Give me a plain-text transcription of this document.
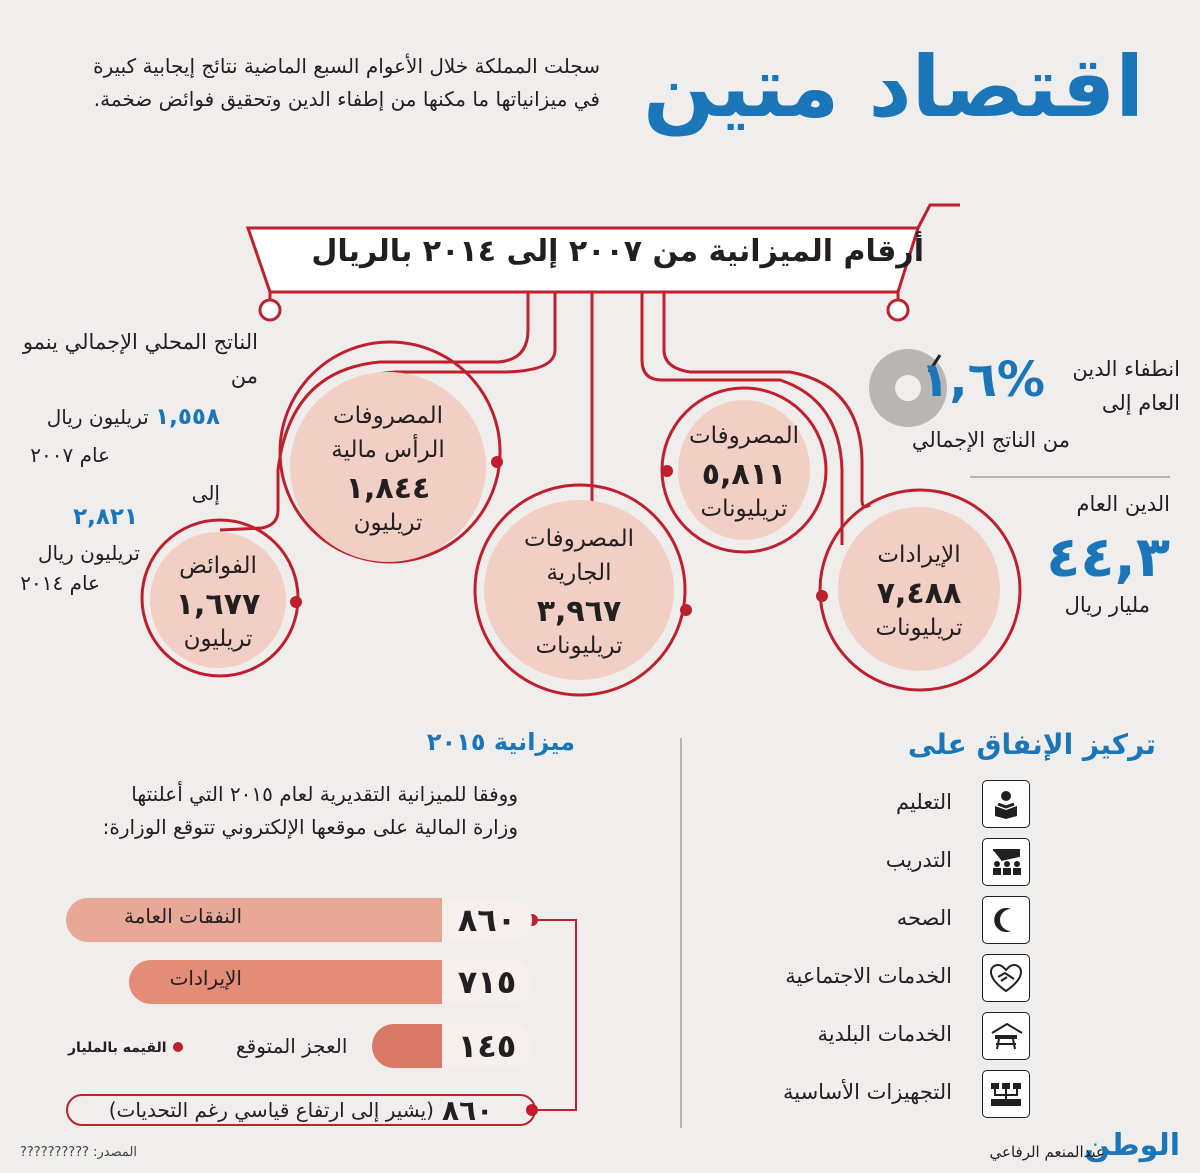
اقتصاد متين
سجلت المملكة خلال الأعوام السبع الماضية نتائج إيجابية كبيرة في ميزانياتها ما مكنها من إطفاء الدين وتحقيق فوائض ضخمة.
أرقام الميزانية من ٢٠٠٧ إلى ٢٠١٤ بالريال
الإيرادات
٧,٤٨٨
تريليونات
المصروفات
٥,٨١١
تريليونات
المصروفات الجارية
٣,٩٦٧
تريليونات
المصروفات الرأس مالية
١,٨٤٤
تريليون
الفوائض
١,٦٧٧
تريليون
الناتج المحلي الإجمالي ينمو من
١,٥٥٨ تريليون ريال
عام ٢٠٠٧
إلى
٢,٨٢١
تريليون ريال
عام ٢٠١٤
انطفاء الدين العام إلى
%١,٦
من الناتج الإجمالي
الدين العام
٤٤,٣
مليار ريال
تركيز الإنفاق على
التعليم
التدريب
الصحه
الخدمات الاجتماعية
الخدمات البلدية
التجهيزات الأساسية
ميزانية ٢٠١٥
ووفقا للميزانية التقديرية لعام ٢٠١٥ التي أعلنتها وزارة المالية على موقعها الإلكتروني تتوقع الوزارة:
٨٦٠
النفقات العامة
٧١٥
الإيرادات
١٤٥
العجز المتوقع
القيمه بالمليار
٨٦٠
(يشير إلى ارتفاع قياسي رغم التحديات)
الوطن
عبدالمنعم الرفاعي
المصدر: ??????????
